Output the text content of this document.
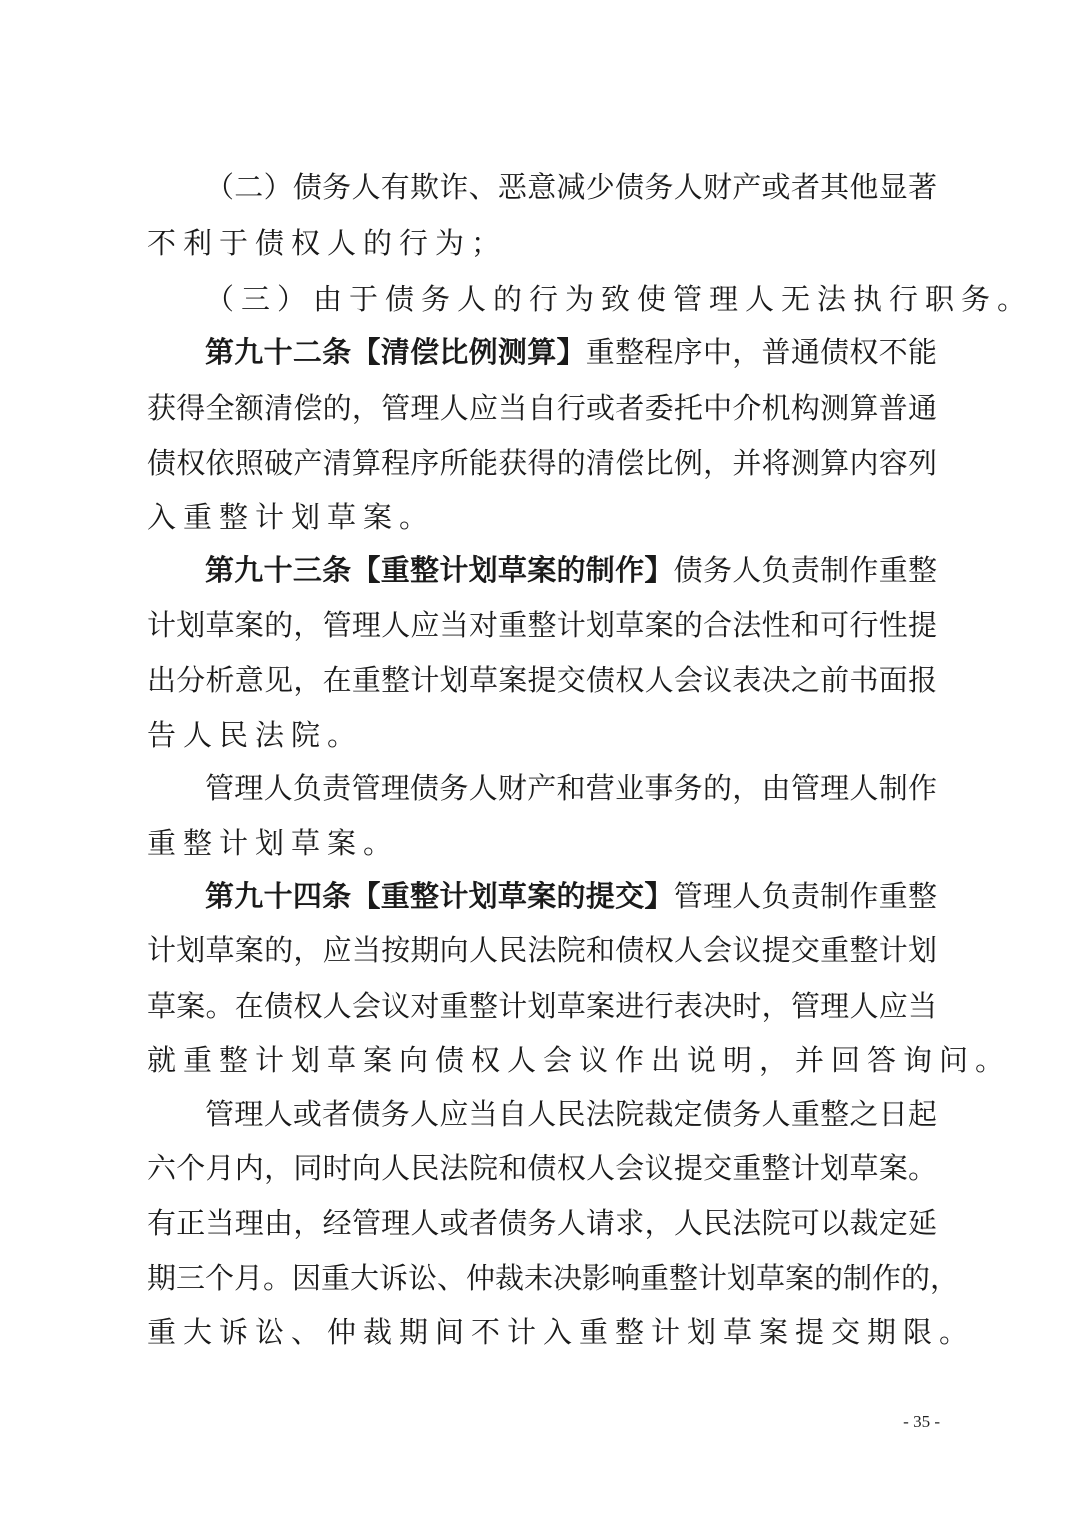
（二）债务人有欺诈、恶意减少债务人财产或者其他显著
不利于债权人的行为；
（三）由于债务人的行为致使管理人无法执行职务。
第九十二条【清偿比例测算】重整程序中，普通债权不能
获得全额清偿的，管理人应当自行或者委托中介机构测算普通
债权依照破产清算程序所能获得的清偿比例，并将测算内容列
入重整计划草案。
第九十三条【重整计划草案的制作】债务人负责制作重整
计划草案的，管理人应当对重整计划草案的合法性和可行性提
出分析意见，在重整计划草案提交债权人会议表决之前书面报
告人民法院。
管理人负责管理债务人财产和营业事务的，由管理人制作
重整计划草案。
第九十四条【重整计划草案的提交】管理人负责制作重整
计划草案的，应当按期向人民法院和债权人会议提交重整计划
草案。在债权人会议对重整计划草案进行表决时，管理人应当
就重整计划草案向债权人会议作出说明，并回答询问。
管理人或者债务人应当自人民法院裁定债务人重整之日起
六个月内，同时向人民法院和债权人会议提交重整计划草案。
有正当理由，经管理人或者债务人请求，人民法院可以裁定延
期三个月。因重大诉讼、仲裁未决影响重整计划草案的制作的，
重大诉讼、仲裁期间不计入重整计划草案提交期限。
- 35 -
